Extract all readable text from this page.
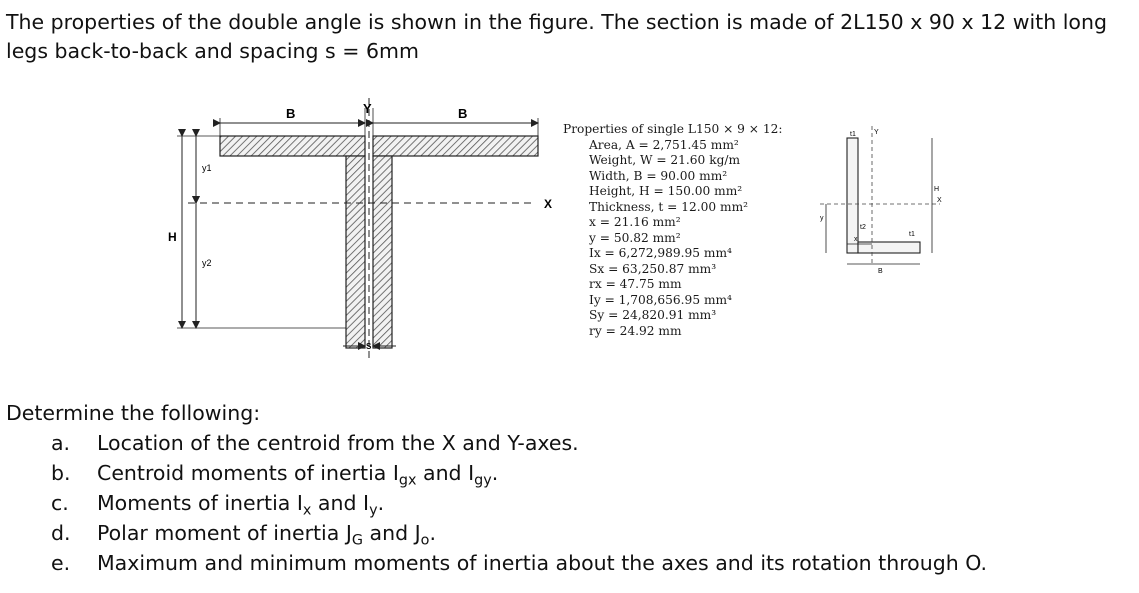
The properties of the double angle is shown in the figure. The section is made of 2L150 x 90 x 12 with long legs back-to-back and spacing s = 6mm
Y
B	B
X
H
y1
y2
S
t1	Y
H
X
y
t2
x
B
t1
Properties of single L150 × 9 × 12:
Area, A = 2,751.45 mm²
Weight, W = 21.60 kg/m
Width, B = 90.00 mm²
Height, H = 150.00 mm²
Thickness, t = 12.00 mm²
x = 21.16 mm²
y = 50.82 mm²
Ix = 6,272,989.95 mm⁴
Sx = 63,250.87 mm³
rx = 47.75 mm
Iy = 1,708,656.95 mm⁴
Sy = 24,820.91 mm³
ry = 24.92 mm
Determine the following:
a. Location of the centroid from the X and Y-axes.
b. Centroid moments of inertia $I_{gx}$ and $I_{gy}$.
c. Moments of inertia $I_x$ and $I_y$.
d. Polar moment of inertia $J_G$ and $J_o$.
e. Maximum and minimum moments of inertia about the axes and its rotation through O.
